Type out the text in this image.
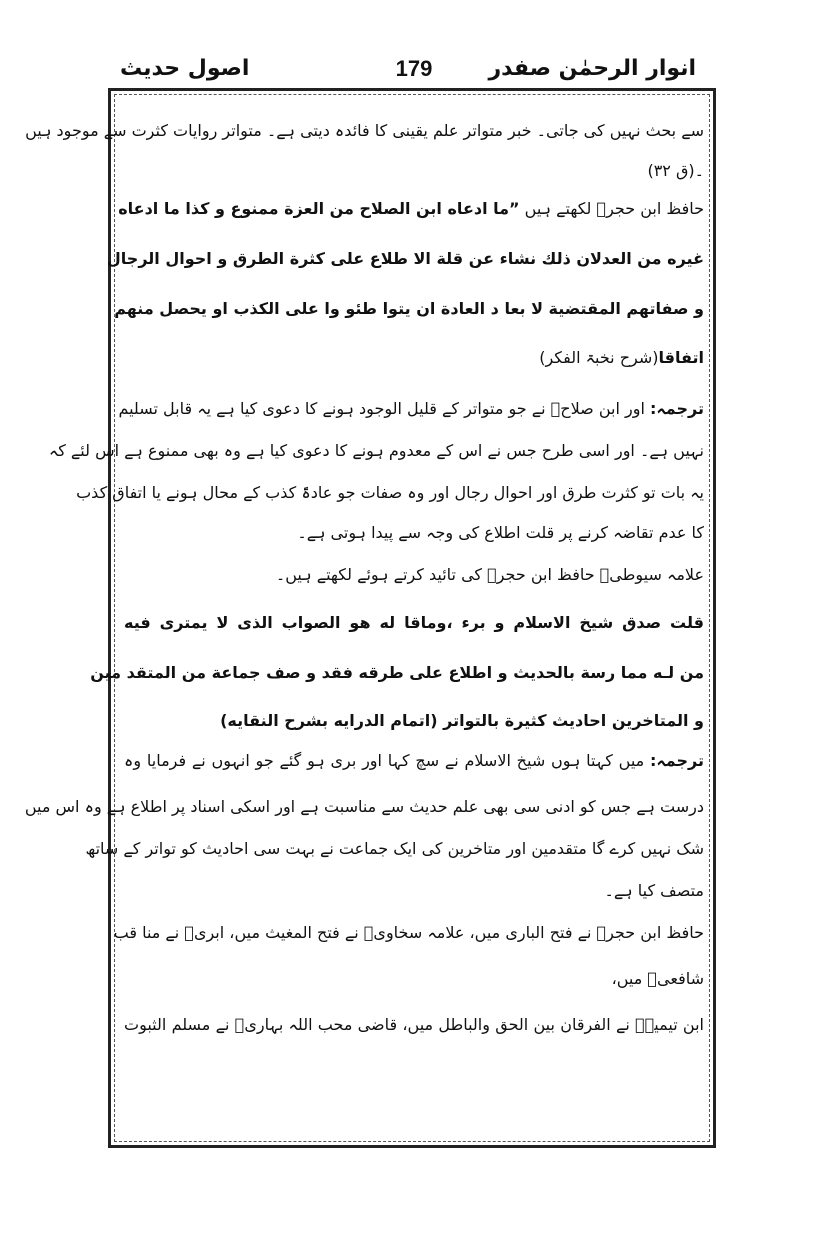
انوار الرحمٰن صفدر
179
اصول حدیث
سے بحث نہیں کی جاتی۔ خبر متواتر علم یقینی کا فائدہ دیتی ہے۔ متواتر روایات کثرت سے موجود ہیں
۔(ق ۳۲)
حافظ ابن حجرؒ لکھتے ہیں ”ما ادعاه ابن الصلاح من العزة ممنوع و كذا ما ادعاه
غيره من العدلان ذلك نشاء عن قلة الا طلاع على كثرة الطرق و احوال الرجال
و صفاتهم المقتضية لا بعا د العادة ان يتوا طئو وا على الكذب او يحصل منهم
اتفاقا(شرح نخبۃ الفکر)
ترجمہ: اور ابن صلاحؒ نے جو متواتر کے قلیل الوجود ہونے کا دعوی کیا ہے یہ قابل تسلیم
نہیں ہے۔ اور اسی طرح جس نے اس کے معدوم ہونے کا دعوی کیا ہے وہ بھی ممنوع ہے اس لئے کہ
یہ بات تو کثرت طرق اور احوال رجال اور وہ صفات جو عادۃً کذب کے محال ہونے یا اتفاق کذب
کا عدم تقاضہ کرنے پر قلت اطلاع کی وجہ سے پیدا ہوتی ہے۔
علامہ سیوطیؒ حافظ ابن حجرؒ کی تائید کرتے ہوئے لکھتے ہیں۔
قلت صدق شيخ الاسلام و برء ،وماقا له هو الصواب الذى لا يمترى فيه
من لـه مما رسة بالحديث و اطلاع على طرقه فقد و صف جماعة من المتقد مين
و المتاخرين احاديث كثيرة بالتواتر (اتمام الدرايه بشرح النقايه)
ترجمہ: میں کہتا ہوں شیخ الاسلام نے سچ کہا اور بری ہو گئے جو انہوں نے فرمایا وہ
درست ہے جس کو ادنی سی بھی علم حدیث سے مناسبت ہے اور اسکی اسناد پر اطلاع ہے وہ اس میں
شک نہیں کرے گا متقدمین اور متاخرین کی ایک جماعت نے بہت سی احادیث کو تواتر کے ساتھ
متصف کیا ہے۔
حافظ ابن حجرؒ نے فتح الباری میں، علامہ سخاویؒ نے فتح المغیث میں، ابریؒ نے منا قب
شافعیؒ میں،
ابن تیمیہؒ نے الفرقان بین الحق والباطل میں، قاضی محب اللہ بہاریؒ نے مسلم الثبوت
